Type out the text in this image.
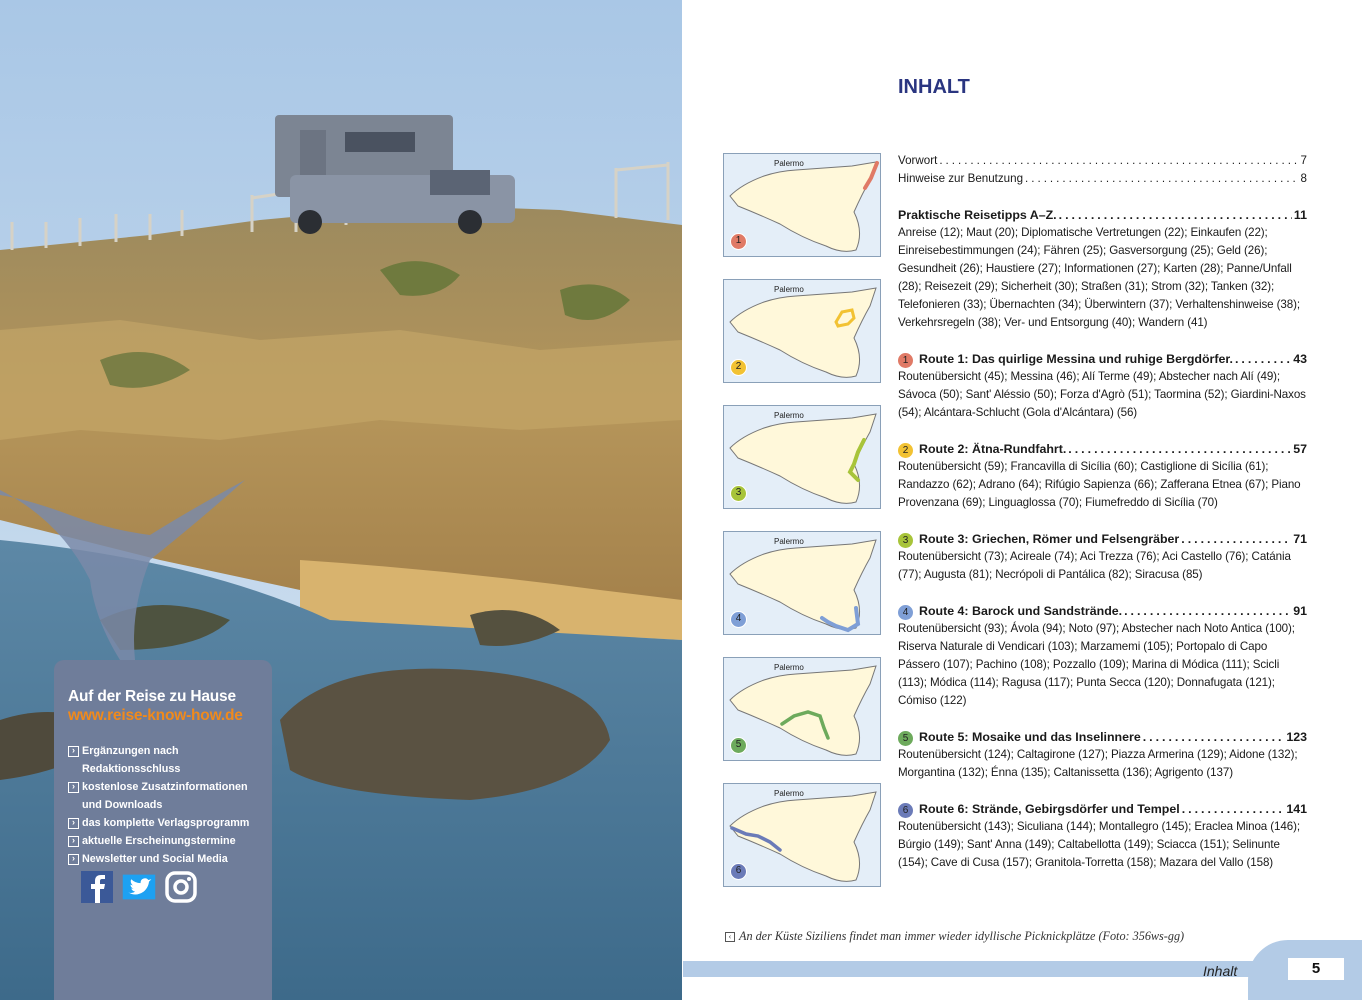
Auf der Reise zu Hause
www.reise-know-how.de
› Ergänzungen nach Redaktionsschluss
› kostenlose Zusatzinformationen
und Downloads
› das komplette Verlagsprogramm
› aktuelle Erscheinungstermine
› Newsletter und Social Media
INHALT
Palermo
1
Palermo
2
Palermo
3
Palermo
4
Palermo
5
Palermo
6
Vorwort .....	7
Hinweise zur Benutzung .....	8
Praktische Reisetipps A–Z. .....	11
Anreise (12); Maut (20); Diplomatische Vertretungen (22); Einkaufen (22); Einreisebestimmungen (24); Fähren (25); Gasversorgung (25); Geld (26); Gesundheit (26); Haustiere (27); Informationen (27); Karten (28); Panne/Unfall (28); Reisezeit (29); Sicherheit (30); Straßen (31); Strom (32); Tanken (32); Telefonieren (33); Übernachten (34); Überwintern (37); Verhaltenshinweise (38); Verkehrsregeln (38); Ver- und Entsorgung (40); Wandern (41)
1 Route 1: Das quirlige Messina und ruhige Bergdörfer. .....	43
Routenübersicht (45); Messina (46); Alí Terme (49); Abstecher nach Alí (49); Sávoca (50); Sant' Aléssio (50); Forza d'Agrò (51); Taormina (52); Giardini-Naxos (54); Alcántara-Schlucht (Gola d'Alcántara) (56)
2 Route 2: Ätna-Rundfahrt. .....	57
Routenübersicht (59); Francavilla di Sicília (60); Castiglione di Sicília (61); Randazzo (62); Adrano (64); Rifúgio Sapienza (66); Zafferana Etnea (67); Piano Provenzana (69); Linguaglossa (70); Fiumefreddo di Sicília (70)
3 Route 3: Griechen, Römer und Felsengräber .....	71
Routenübersicht (73); Acireale (74); Aci Trezza (76); Aci Castello (76); Catánia (77); Augusta (81); Necrópoli di Pantálica (82); Siracusa (85)
4 Route 4: Barock und Sandstrände. .....	91
Routenübersicht (93); Ávola (94); Noto (97); Abstecher nach Noto Antica (100); Riserva Naturale di Vendicari (103); Marzamemi (105); Portopalo di Capo Pássero (107); Pachino (108); Pozzallo (109); Marina di Módica (111); Scicli (113); Módica (114); Ragusa (117); Punta Secca (120); Donnafugata (121); Cómiso (122)
5 Route 5: Mosaike und das Inselinnere .....	123
Routenübersicht (124); Caltagirone (127); Piazza Armerina (129); Aidone (132); Morgantina (132); Énna (135); Caltanissetta (136); Agrigento (137)
6 Route 6: Strände, Gebirgsdörfer und Tempel .....	141
Routenübersicht (143); Siculiana (144); Montallegro (145); Eraclea Minoa (146); Búrgio (149); Sant' Anna (149); Caltabellotta (149); Sciacca (151); Selinunte (154); Cave di Cusa (157); Granitola-Torretta (158); Mazara del Vallo (158)
‹ An der Küste Siziliens findet man immer wieder idyllische Picknickplätze (Foto: 356ws-gg)
Inhalt	5
